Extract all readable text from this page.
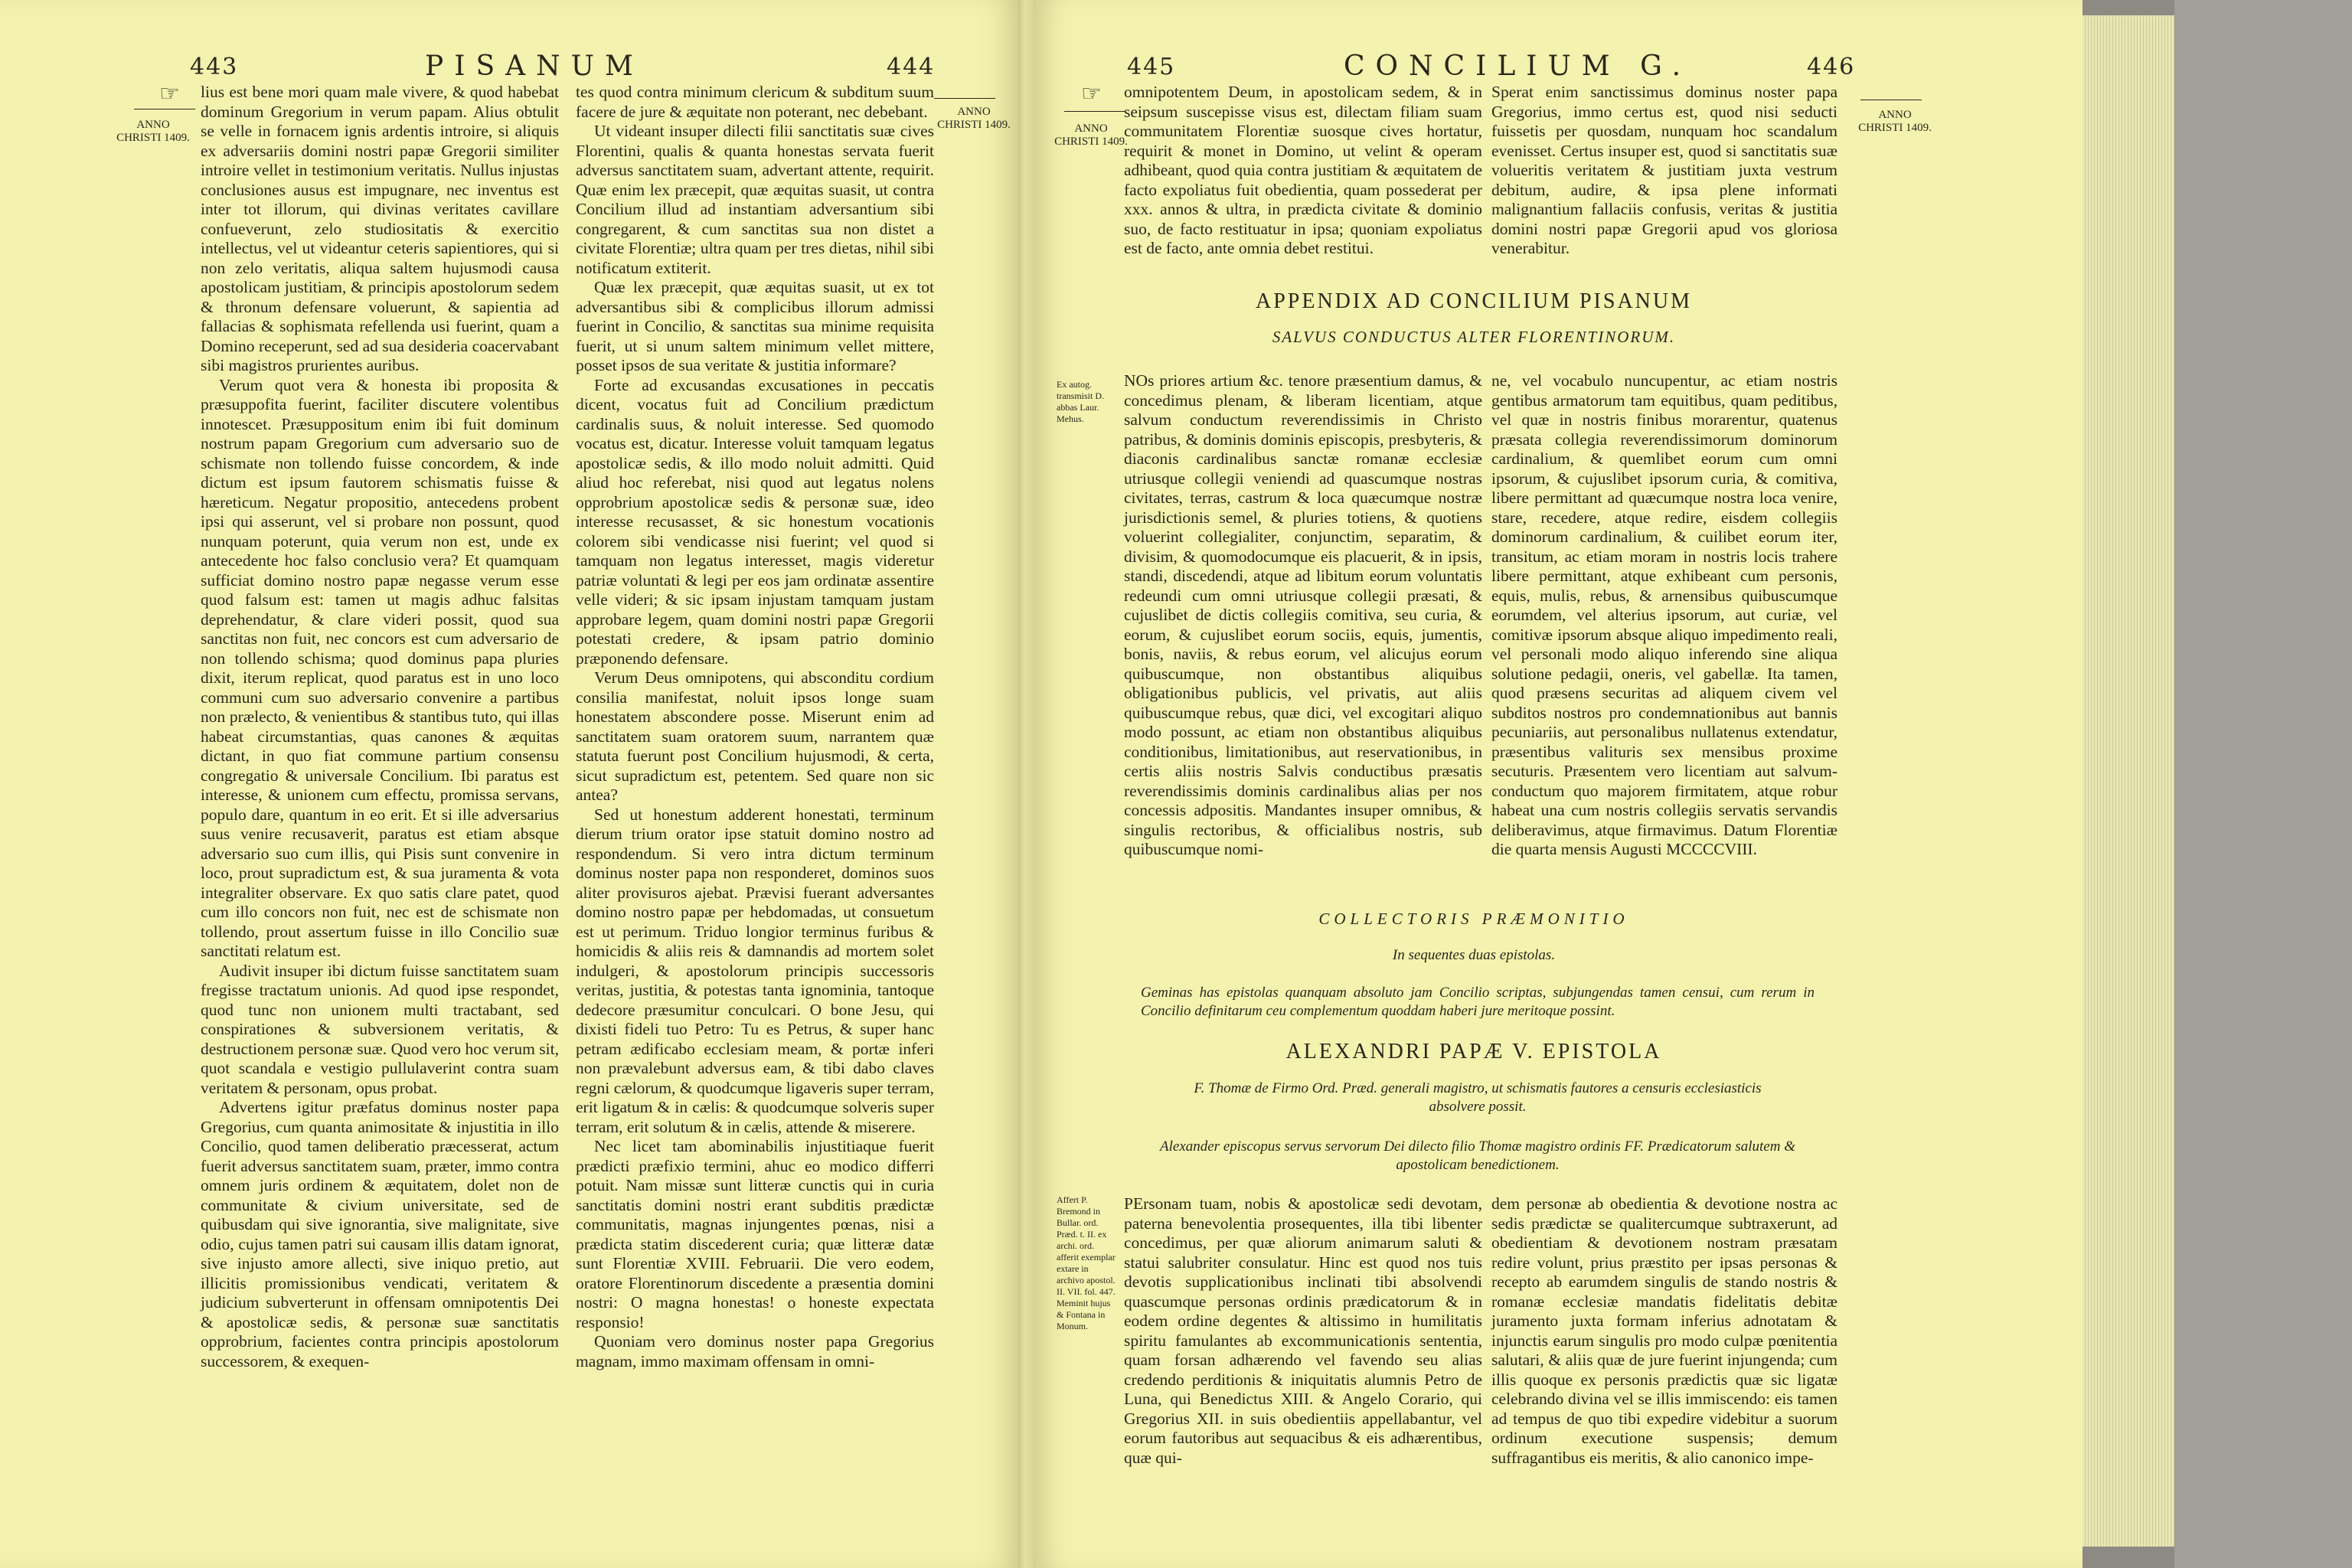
443	PISANUM	444
☞
ANNO CHRISTI 1409.
ANNO CHRISTI 1409.

lius est bene mori quam male vivere, & quod habebat dominum Gregorium in verum papam. Alius obtulit se velle in fornacem ignis ardentis introire, si aliquis ex adversariis domini nostri papæ Gregorii similiter introire vellet in testimonium veritatis. Nullus injustas conclusiones ausus est impugnare, nec inventus est inter tot illorum, qui divinas veritates cavillare confueverunt, zelo studiositatis & exercitio intellectus, vel ut videantur ceteris sapientiores, qui si non zelo veritatis, aliqua saltem hujusmodi causa apostolicam justitiam, & principis apostolorum sedem & thronum defensare voluerunt, & sapientia ad fallacias & sophismata refellenda usi fuerint, quam a Domino receperunt, sed ad sua desideria coacervabant sibi magistros prurientes auribus.

Verum quot vera & honesta ibi proposita & præsuppofita fuerint, faciliter discutere volentibus innotescet. Præsuppositum enim ibi fuit dominum nostrum papam Gregorium cum adversario suo de schismate non tollendo fuisse concordem, & inde dictum est ipsum fautorem schismatis fuisse & hæreticum. Negatur propositio, antecedens probent ipsi qui asserunt, vel si probare non possunt, quod nunquam poterunt, quia verum non est, unde ex antecedente hoc falso conclusio vera? Et quamquam sufficiat domino nostro papæ negasse verum esse quod falsum est: tamen ut magis adhuc falsitas deprehendatur, & clare videri possit, quod sua sanctitas non fuit, nec concors est cum adversario de non tollendo schisma; quod dominus papa pluries dixit, iterum replicat, quod paratus est in uno loco communi cum suo adversario convenire a partibus non prælecto, & venientibus & stantibus tuto, qui illas habeat circumstantias, quas canones & æquitas dictant, in quo fiat commune partium consensu congregatio & universale Concilium. Ibi paratus est interesse, & unionem cum effectu, promissa servans, populo dare, quantum in eo erit. Et si ille adversarius suus venire recusaverit, paratus est etiam absque adversario suo cum illis, qui Pisis sunt convenire in loco, prout supradictum est, & sua juramenta & vota integraliter observare. Ex quo satis clare patet, quod cum illo concors non fuit, nec est de schismate non tollendo, prout assertum fuisse in illo Concilio suæ sanctitati relatum est.

Audivit insuper ibi dictum fuisse sanctitatem suam fregisse tractatum unionis. Ad quod ipse respondet, quod tunc non unionem multi tractabant, sed conspirationes & subversionem veritatis, & destructionem personæ suæ. Quod vero hoc verum sit, quot scandala e vestigio pullulaverint contra suam veritatem & personam, opus probat.

Advertens igitur præfatus dominus noster papa Gregorius, cum quanta animositate & injustitia in illo Concilio, quod tamen deliberatio præcesserat, actum fuerit adversus sanctitatem suam, præter, immo contra omnem juris ordinem & æquitatem, dolet non de communitate & civium universitate, sed de quibusdam qui sive ignorantia, sive malignitate, sive odio, cujus tamen patri sui causam illis datam ignorat, sive injusto amore allecti, sive iniquo pretio, aut illicitis promissionibus vendicati, veritatem & judicium subverterunt in offensam omnipotentis Dei & apostolicæ sedis, & personæ suæ sanctitatis opprobrium, facientes contra principis apostolorum successorem, & exequen-

tes quod contra minimum clericum & subditum suum facere de jure & æquitate non poterant, nec debebant.

Ut videant insuper dilecti filii sanctitatis suæ cives Florentini, qualis & quanta honestas servata fuerit adversus sanctitatem suam, advertant attente, requirit. Quæ enim lex præcepit, quæ æquitas suasit, ut contra Concilium illud ad instantiam adversantium sibi congregarent, & cum sanctitas sua non distet a civitate Florentiæ; ultra quam per tres dietas, nihil sibi notificatum extiterit.

Quæ lex præcepit, quæ æquitas suasit, ut ex tot adversantibus sibi & complicibus illorum admissi fuerint in Concilio, & sanctitas sua minime requisita fuerit, ut si unum saltem minimum vellet mittere, posset ipsos de sua veritate & justitia informare?

Forte ad excusandas excusationes in peccatis dicent, vocatus fuit ad Concilium prædictum cardinalis suus, & noluit interesse. Sed quomodo vocatus est, dicatur. Interesse voluit tamquam legatus apostolicæ sedis, & illo modo noluit admitti. Quid aliud hoc referebat, nisi quod aut legatus nolens opprobrium apostolicæ sedis & personæ suæ, ideo interesse recusasset, & sic honestum vocationis colorem sibi vendicasse nisi fuerint; vel quod si tamquam non legatus interesset, magis videretur patriæ voluntati & legi per eos jam ordinatæ assentire velle videri; & sic ipsam injustam tamquam justam approbare legem, quam domini nostri papæ Gregorii potestati credere, & ipsam patrio dominio præponendo defensare.

Verum Deus omnipotens, qui absconditu cordium consilia manifestat, noluit ipsos longe suam honestatem abscondere posse. Miserunt enim ad sanctitatem suam oratorem suum, narrantem quæ statuta fuerunt post Concilium hujusmodi, & certa, sicut supradictum est, petentem. Sed quare non sic antea?

Sed ut honestum adderent honestati, terminum dierum trium orator ipse statuit domino nostro ad respondendum. Si vero intra dictum terminum dominus noster papa non responderet, dominos suos aliter provisuros ajebat. Prævisi fuerant adversantes domino nostro papæ per hebdomadas, ut consuetum est ut perimum. Triduo longior terminus furibus & homicidis & aliis reis & damnandis ad mortem solet indulgeri, & apostolorum principis successoris veritas, justitia, & potestas tanta ignominia, tantoque dedecore præsumitur conculcari. O bone Jesu, qui dixisti fideli tuo Petro: Tu es Petrus, & super hanc petram ædificabo ecclesiam meam, & portæ inferi non prævalebunt adversus eam, & tibi dabo claves regni cælorum, & quodcumque ligaveris super terram, erit ligatum & in cælis: & quodcumque solveris super terram, erit solutum & in cælis, attende & miserere.

Nec licet tam abominabilis injustitiaque fuerit prædicti præfixio termini, ahuc eo modico differri potuit. Nam missæ sunt litteræ cunctis qui in curia sanctitatis domini nostri erant subditis prædictæ communitatis, magnas injungentes pœnas, nisi a prædicta statim discederent curia; quæ litteræ datæ sunt Florentiæ XVIII. Februarii. Die vero eodem, oratore Florentinorum discedente a præsentia domini nostri: O magna honestas! o honeste expectata responsio!

Quoniam vero dominus noster papa Gregorius magnam, immo maximam offensam in omni-

445	CONCILIUM G.	446
☞
ANNO CHRISTI 1409.
ANNO CHRISTI 1409.

omnipotentem Deum, in apostolicam sedem, & in seipsum suscepisse visus est, dilectam filiam suam communitatem Florentiæ suosque cives hortatur, requirit & monet in Domino, ut velint & operam adhibeant, quod quia contra justitiam & æquitatem de facto expoliatus fuit obedientia, quam possederat per xxx. annos & ultra, in prædicta civitate & dominio suo, de facto restituatur in ipsa; quoniam expoliatus est de facto, ante omnia debet restitui.

Sperat enim sanctissimus dominus noster papa Gregorius, immo certus est, quod nisi seducti fuissetis per quosdam, nunquam hoc scandalum evenisset. Certus insuper est, quod si sanctitatis suæ volueritis veritatem & justitiam juxta vestrum debitum, audire, & ipsa plene informati malignantium fallaciis confusis, veritas & justitia domini nostri papæ Gregorii apud vos gloriosa venerabitur.

APPENDIX AD CONCILIUM PISANUM
SALVUS CONDUCTUS ALTER FLORENTINORUM.
Ex autog. transmisit D. abbas Laur. Mehus.

NOs priores artium &c. tenore præsentium damus, & concedimus plenam, & liberam licentiam, atque salvum conductum reverendissimis in Christo patribus, & dominis dominis episcopis, presbyteris, & diaconis cardinalibus sanctæ romanæ ecclesiæ utriusque collegii veniendi ad quascumque nostras civitates, terras, castrum & loca quæcumque nostræ jurisdictionis semel, & pluries totiens, & quotiens voluerint collegialiter, conjunctim, separatim, & divisim, & quomodocumque eis placuerit, & in ipsis, standi, discedendi, atque ad libitum eorum voluntatis redeundi cum omni utriusque collegii præsati, & cujuslibet de dictis collegiis comitiva, seu curia, & eorum, & cujuslibet eorum sociis, equis, jumentis, bonis, naviis, & rebus eorum, vel alicujus eorum quibuscumque, non obstantibus aliquibus obligationibus publicis, vel privatis, aut aliis quibuscumque rebus, quæ dici, vel excogitari aliquo modo possunt, ac etiam non obstantibus aliquibus conditionibus, limitationibus, aut reservationibus, in certis aliis nostris Salvis conductibus præsatis reverendissimis dominis cardinalibus alias per nos concessis adpositis. Mandantes insuper omnibus, & singulis rectoribus, & officialibus nostris, sub quibuscumque nomi-

ne, vel vocabulo nuncupentur, ac etiam nostris gentibus armatorum tam equitibus, quam peditibus, vel quæ in nostris finibus morarentur, quatenus præsata collegia reverendissimorum dominorum cardinalium, & quemlibet eorum cum omni ipsorum, & cujuslibet ipsorum curia, & comitiva, libere permittant ad quæcumque nostra loca venire, stare, recedere, atque redire, eisdem collegiis dominorum cardinalium, & cuilibet eorum iter, transitum, ac etiam moram in nostris locis trahere libere permittant, atque exhibeant cum personis, equis, mulis, rebus, & arnensibus quibuscumque eorumdem, vel alterius ipsorum, aut curiæ, vel comitivæ ipsorum absque aliquo impedimento reali, vel personali modo aliquo inferendo sine aliqua solutione pedagii, oneris, vel gabellæ. Ita tamen, quod præsens securitas ad aliquem civem vel subditos nostros pro condemnationibus aut bannis pecuniariis, aut personalibus nullatenus extendatur, præsentibus valituris sex mensibus proxime secuturis. Præsentem vero licentiam aut salvum-conductum quo majorem firmitatem, atque robur habeat una cum nostris collegiis servatis servandis deliberavimus, atque firmavimus. Datum Florentiæ die quarta mensis Augusti MCCCCVIII.

COLLECTORIS PRÆMONITIO
In sequentes duas epistolas.
Geminas has epistolas quanquam absoluto jam Concilio scriptas, subjungendas tamen censui, cum rerum in Concilio definitarum ceu complementum quoddam haberi jure meritoque possint.
ALEXANDRI PAPÆ V. EPISTOLA
F. Thomæ de Firmo Ord. Præd. generali magistro, ut schismatis fautores a censuris ecclesiasticis absolvere possit.
Alexander episcopus servus servorum Dei dilecto filio Thomæ magistro ordinis FF. Prædicatorum salutem & apostolicam benedictionem.
Affert P. Bremond in Bullar. ord. Præd. t. II. ex archi. ord. afferit exemplar extare in archivo apostol. II. VII. fol. 447. Meminit hujus & Fontana in Monum.

PErsonam tuam, nobis & apostolicæ sedi devotam, paterna benevolentia prosequentes, illa tibi libenter concedimus, per quæ aliorum animarum saluti & statui salubriter consulatur. Hinc est quod nos tuis devotis supplicationibus inclinati tibi absolvendi quascumque personas ordinis prædicatorum & in eodem ordine degentes & altissimo in humilitatis spiritu famulantes ab excommunicationis sententia, quam forsan adhærendo vel favendo seu alias credendo perditionis & iniquitatis alumnis Petro de Luna, qui Benedictus XIII. & Angelo Corario, qui Gregorius XII. in suis obedientiis appellabantur, vel eorum fautoribus aut sequacibus & eis adhærentibus, quæ qui-

dem personæ ab obedientia & devotione nostra ac sedis prædictæ se qualitercumque subtraxerunt, ad obedientiam & devotionem nostram præsatam redire volunt, prius præstito per ipsas personas & recepto ab earumdem singulis de stando nostris & romanæ ecclesiæ mandatis fidelitatis debitæ juramento juxta formam inferius adnotatam & injunctis earum singulis pro modo culpæ pœnitentia salutari, & aliis quæ de jure fuerint injungenda; cum illis quoque ex personis prædictis quæ sic ligatæ celebrando divina vel se illis immiscendo: eis tamen ad tempus de quo tibi expedire videbitur a suorum ordinum executione suspensis; demum suffragantibus eis meritis, & alio canonico impe-
